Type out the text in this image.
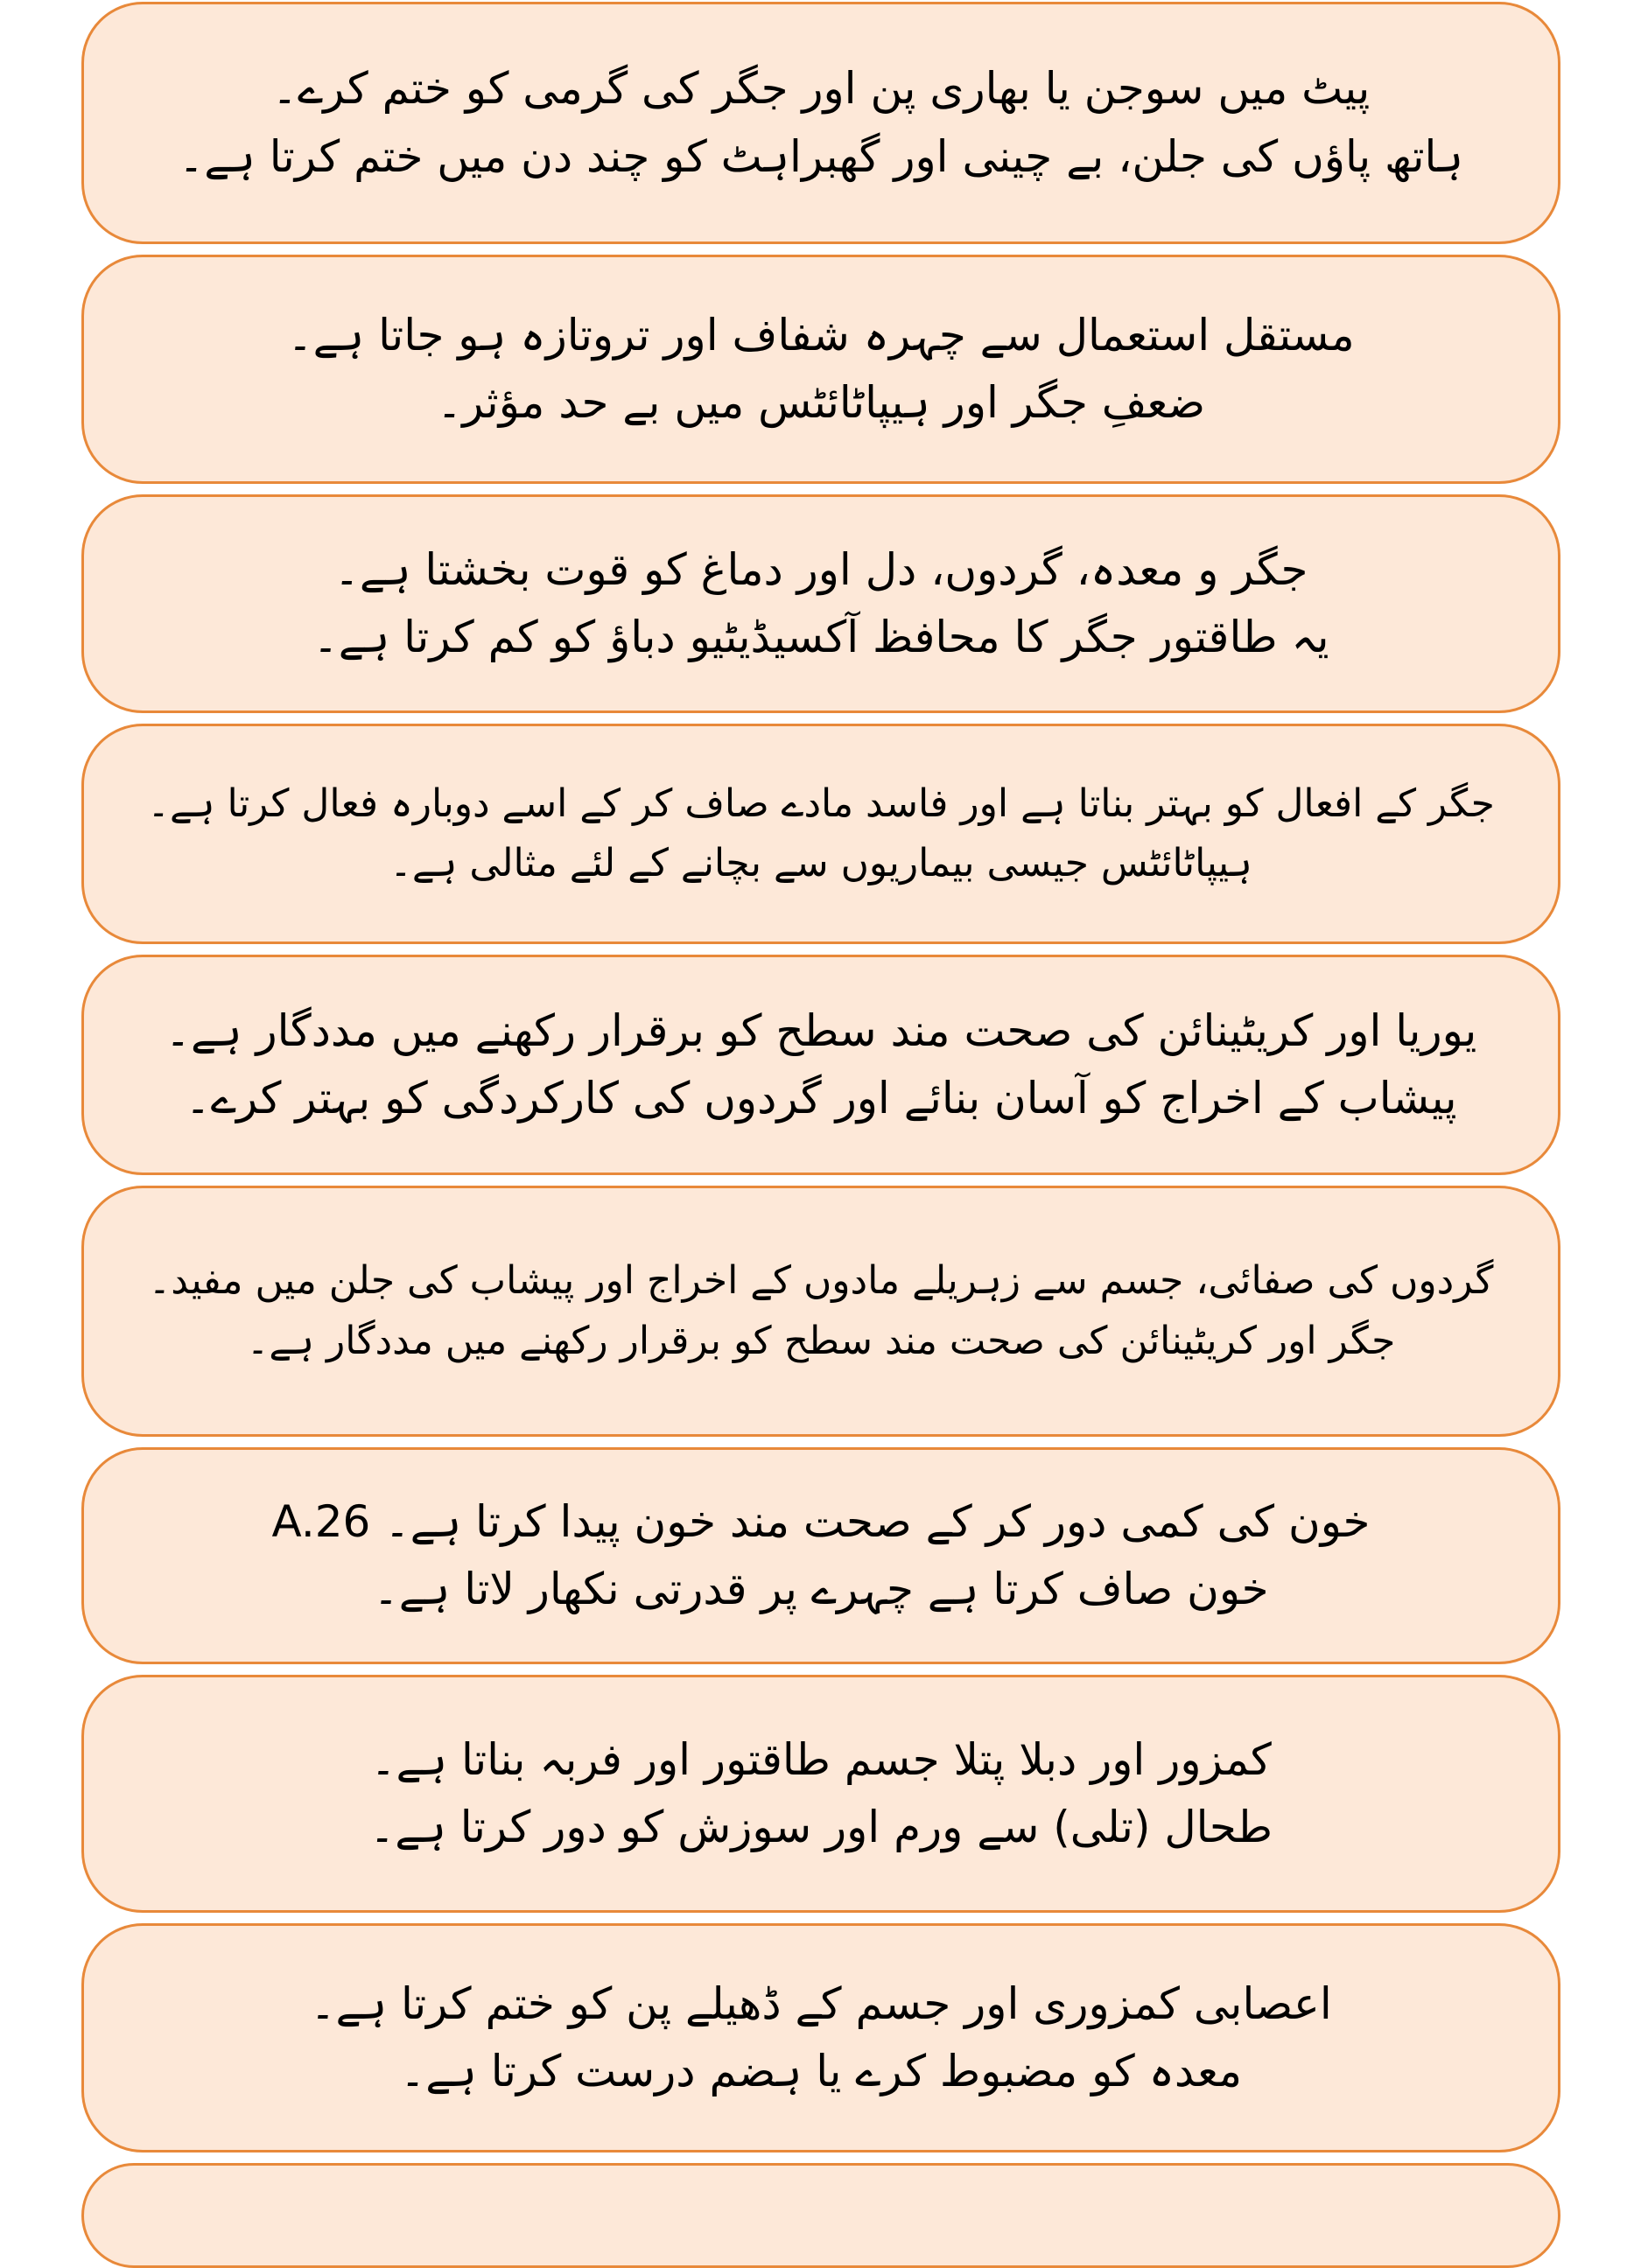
پیٹ میں سوجن یا بھاری پن اور جگر کی گرمی کو ختم کرے۔
ہاتھ پاؤں کی جلن، بے چینی اور گھبراہٹ کو چند دن میں ختم کرتا ہے۔
مستقل استعمال سے چہرہ شفاف اور تروتازہ ہو جاتا ہے۔
ضعفِ جگر اور ہیپاٹائٹس میں بے حد مؤثر۔
جگر و معدہ، گردوں، دل اور دماغ کو قوت بخشتا ہے۔
یہ طاقتور جگر کا محافظ آکسیڈیٹیو دباؤ کو کم کرتا ہے۔
جگر کے افعال کو بہتر بناتا ہے اور فاسد مادے صاف کر کے اسے دوبارہ فعال کرتا ہے۔
ہیپاٹائٹس جیسی بیماریوں سے بچانے کے لئے مثالی ہے۔
یوریا اور کریٹینائن کی صحت مند سطح کو برقرار رکھنے میں مددگار ہے۔
پیشاب کے اخراج کو آسان بنائے اور گردوں کی کارکردگی کو بہتر کرے۔
گردوں کی صفائی، جسم سے زہریلے مادوں کے اخراج اور پیشاب کی جلن میں مفید۔
جگر اور کریٹینائن کی صحت مند سطح کو برقرار رکھنے میں مددگار ہے۔
خون کی کمی دور کر کے صحت مند خون پیدا کرتا ہے۔ A.26
خون صاف کرتا ہے چہرے پر قدرتی نکھار لاتا ہے۔
کمزور اور دبلا پتلا جسم طاقتور اور فربہ بناتا ہے۔
طحال (تلی) سے ورم اور سوزش کو دور کرتا ہے۔
اعصابی کمزوری اور جسم کے ڈھیلے پن کو ختم کرتا ہے۔
معدہ کو مضبوط کرے یا ہضم درست کرتا ہے۔
